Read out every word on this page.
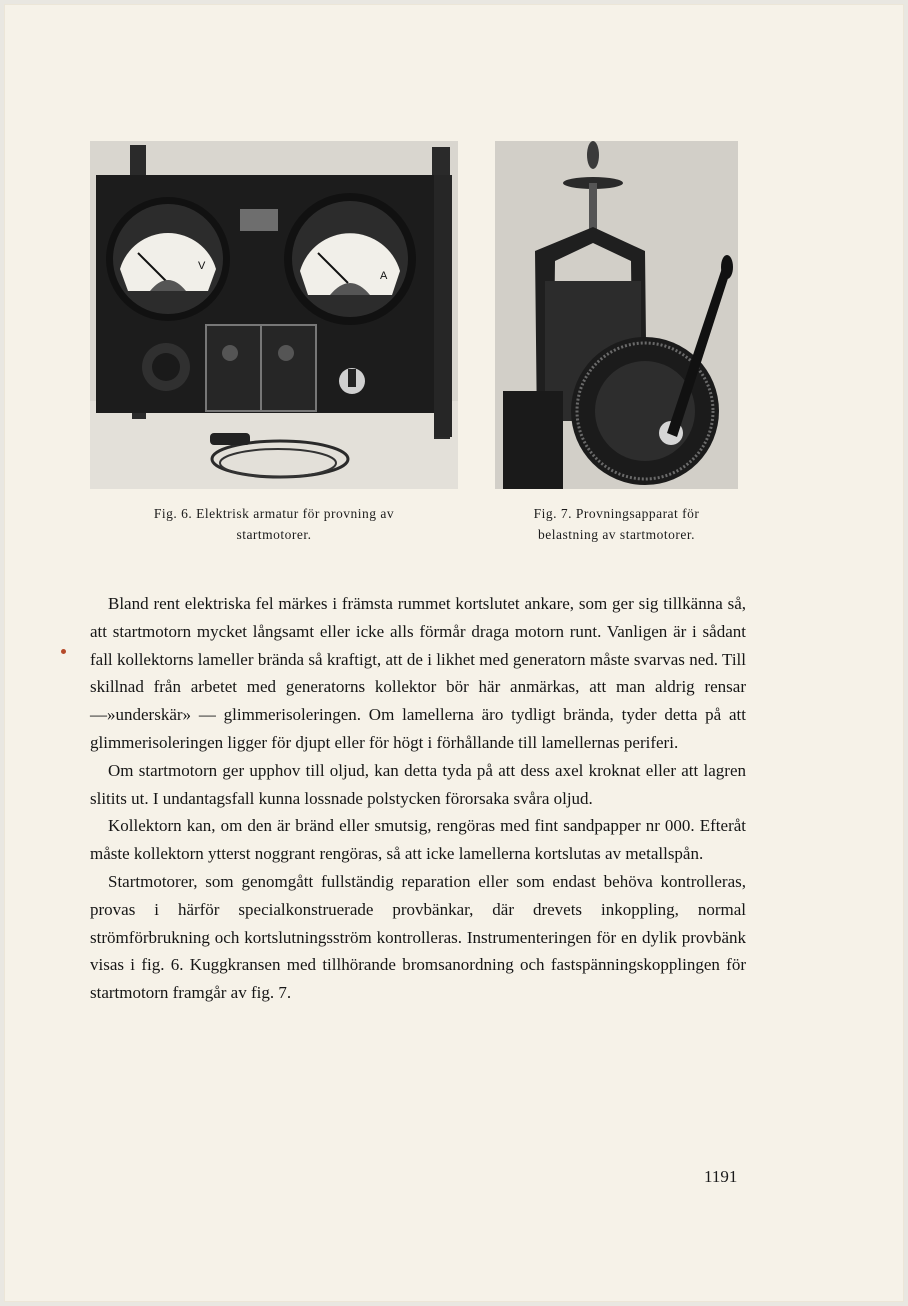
V
A
Fig. 6. Elektrisk armatur för provning av
startmotorer.
Fig. 7. Provningsapparat för
belastning av startmotorer.

Bland rent elektriska fel märkes i främsta rummet kortslutet ankare, som ger sig tillkänna så, att startmotorn mycket långsamt eller icke alls förmår draga motorn runt. Vanligen är i sådant fall kollektorns lameller brända så kraftigt, att de i likhet med generatorn måste svarvas ned. Till skillnad från arbetet med generatorns kollektor bör här anmärkas, att man aldrig rensar —»underskär» — glimmerisoleringen. Om lamellerna äro tydligt brända, tyder detta på att glimmerisoleringen ligger för djupt eller för högt i förhållande till lamellernas periferi.

Om startmotorn ger upphov till oljud, kan detta tyda på att dess axel kroknat eller att lagren slitits ut. I undantagsfall kunna lossnade polstycken förorsaka svåra oljud.

Kollektorn kan, om den är bränd eller smutsig, rengöras med fint sandpapper nr 000. Efteråt måste kollektorn ytterst noggrant rengöras, så att icke lamellerna kortslutas av metallspån.

Startmotorer, som genomgått fullständig reparation eller som endast behöva kontrolleras, provas i härför specialkonstruerade provbänkar, där drevets inkoppling, normal strömförbrukning och kortslutningsström kontrolleras. Instrumenteringen för en dylik provbänk visas i fig. 6. Kuggkransen med tillhörande bromsanordning och fastspänningskopplingen för startmotorn framgår av fig. 7.

1191
